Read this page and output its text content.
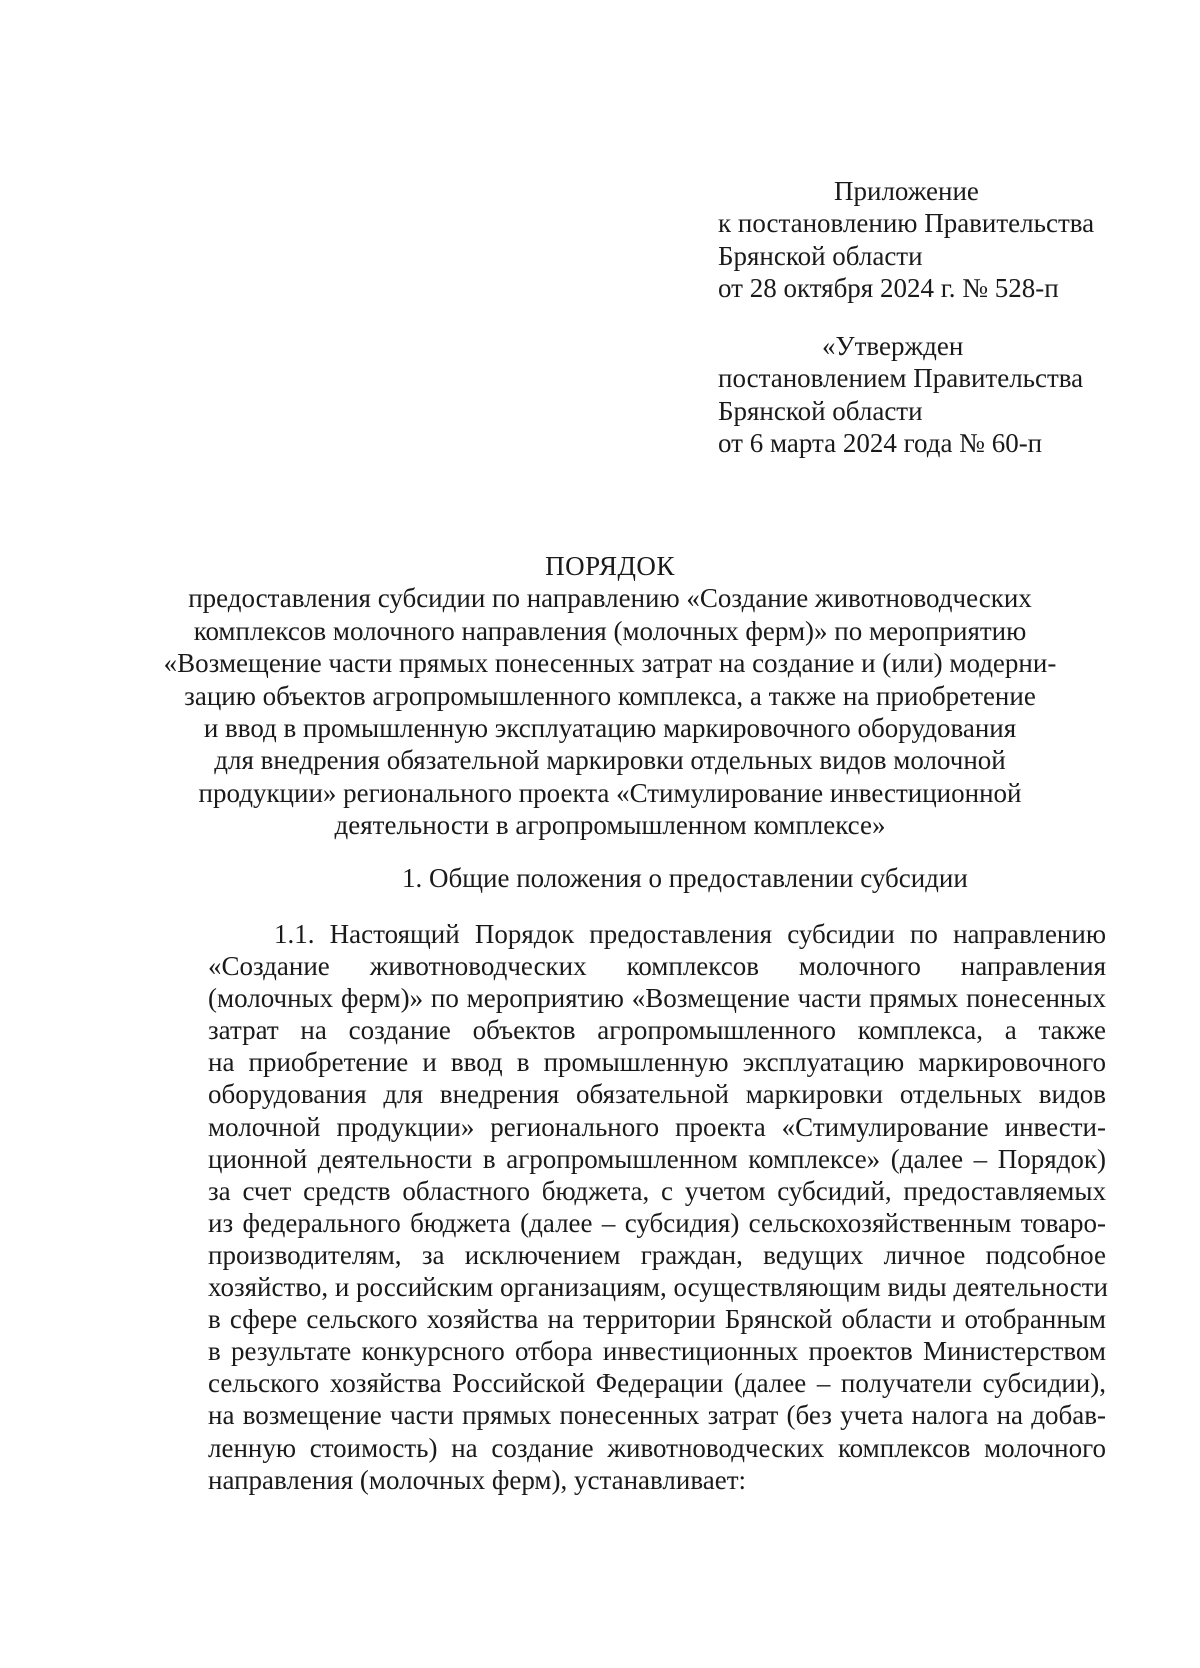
Приложение
к постановлению Правительства
Брянской области
от 28 октября 2024 г. № 528-п
«Утвержден
постановлением Правительства
Брянской области
от 6 марта 2024 года № 60-п
ПОРЯДОК
предоставления субсидии по направлению «Создание животноводческих
комплексов молочного направления (молочных ферм)» по мероприятию
«Возмещение части прямых понесенных затрат на создание и (или) модерни-
зацию объектов агропромышленного комплекса, а также на приобретение
и ввод в промышленную эксплуатацию маркировочного оборудования
для внедрения обязательной маркировки отдельных видов молочной
продукции» регионального проекта «Стимулирование инвестиционной
деятельности в агропромышленном комплексе»
1. Общие положения о предоставлении субсидии
1.1. Настоящий Порядок предоставления субсидии по направлению
«Создание животноводческих комплексов молочного направления
(молочных ферм)» по мероприятию «Возмещение части прямых понесенных
затрат на создание объектов агропромышленного комплекса, а также
на приобретение и ввод в промышленную эксплуатацию маркировочного
оборудования для внедрения обязательной маркировки отдельных видов
молочной продукции» регионального проекта «Стимулирование инвести-
ционной деятельности в агропромышленном комплексе» (далее – Порядок)
за счет средств областного бюджета, с учетом субсидий, предоставляемых
из федерального бюджета (далее – субсидия) сельскохозяйственным товаро-
производителям, за исключением граждан, ведущих личное подсобное
хозяйство, и российским организациям, осуществляющим виды деятельности
в сфере сельского хозяйства на территории Брянской области и отобранным
в результате конкурсного отбора инвестиционных проектов Министерством
сельского хозяйства Российской Федерации (далее – получатели субсидии),
на возмещение части прямых понесенных затрат (без учета налога на добав-
ленную стоимость) на создание животноводческих комплексов молочного
направления (молочных ферм), устанавливает:
